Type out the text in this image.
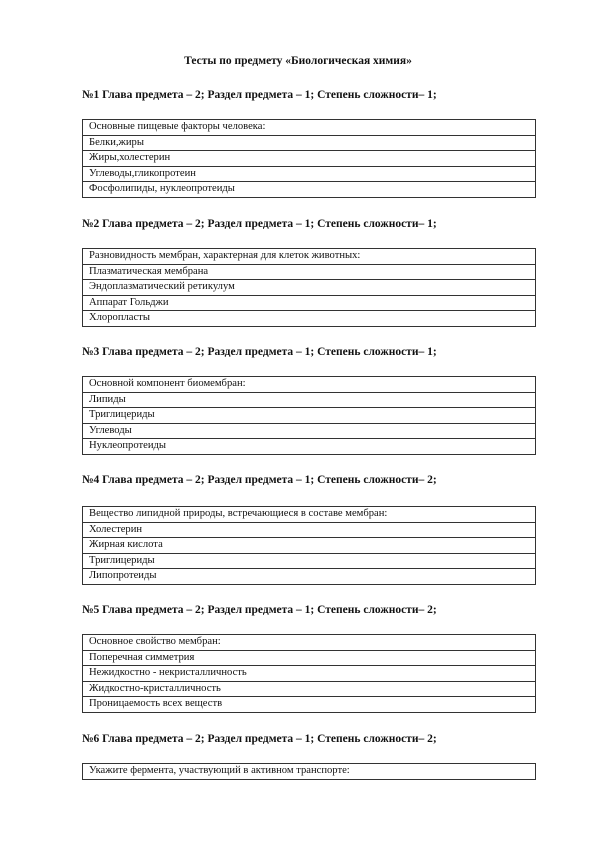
Тесты по предмету «Биологическая химия»
№1 Глава предмета – 2; Раздел предмета – 1; Степень сложности– 1;
Основные пищевые факторы человека:
Белки,жиры
Жиры,холестерин
Углеводы,гликопротеин
Фосфолипиды, нуклеопротеиды
№2 Глава предмета – 2; Раздел предмета – 1; Степень сложности– 1;
Разновидность мембран, характерная для клеток животных:
Плазматическая мембрана
Эндоплазматический ретикулум
Аппарат Гольджи
Хлоропласты
№3 Глава предмета – 2; Раздел предмета – 1; Степень сложности– 1;
Основной компонент биомембран:
Липиды
Триглицериды
Углеводы
Нуклеопротеиды
№4 Глава предмета – 2; Раздел предмета – 1; Степень сложности– 2;
Вещество липидной природы, встречающиеся в составе мембран:
Холестерин
Жирная кислота
Триглицериды
Липопротеиды
№5 Глава предмета – 2; Раздел предмета – 1; Степень сложности– 2;
Основное свойство мембран:
Поперечная симметрия
Нежидкостно - некристалличность
Жидкостно-кристалличность
Проницаемость всех веществ
№6 Глава предмета – 2; Раздел предмета – 1; Степень сложности– 2;
Укажите фермента, участвующий в активном транспорте:
